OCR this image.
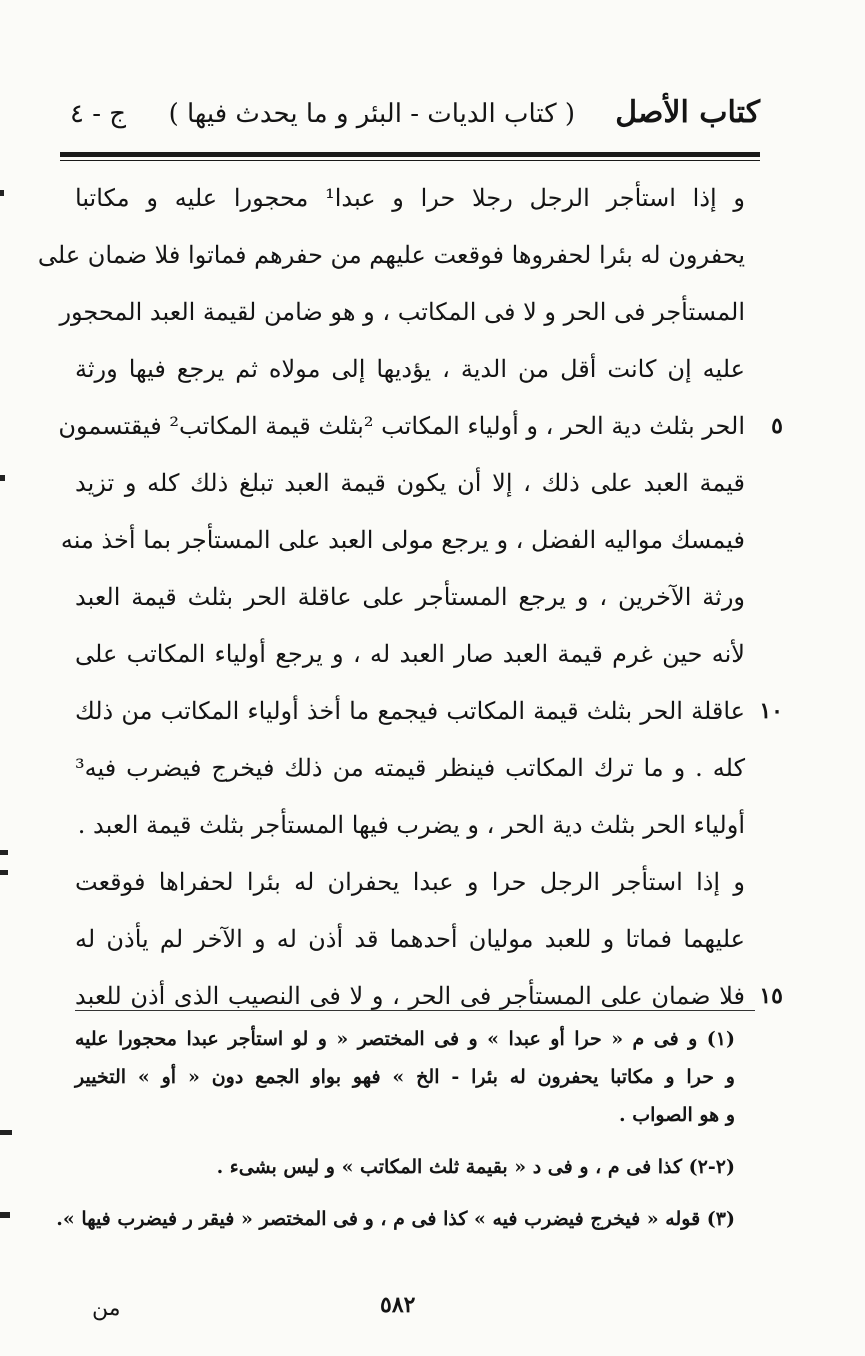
كتاب الأصل
( كتاب الديات - البئر و ما يحدث فيها )
ج - ٤
و إذا استأجر الرجل رجلا حرا و عبدا¹ محجورا عليه و مكاتبا
يحفرون له بئرا لحفروها فوقعت عليهم من حفرهم فماتوا فلا ضمان على
المستأجر فى الحر و لا فى المكاتب ، و هو ضامن لقيمة العبد المحجور
عليه إن كانت أقل من الدية ، يؤديها إلى مولاه ثم يرجع فيها ورثة
الحر بثلث دية الحر ، و أولياء المكاتب ²بثلث قيمة المكاتب² فيقتسمون ٥
قيمة العبد على ذلك ، إلا أن يكون قيمة العبد تبلغ ذلك كله و تزيد
فيمسك مواليه الفضل ، و يرجع مولى العبد على المستأجر بما أخذ منه
ورثة الآخرين ، و يرجع المستأجر على عاقلة الحر بثلث قيمة العبد
لأنه حين غرم قيمة العبد صار العبد له ، و يرجع أولياء المكاتب على
عاقلة الحر بثلث قيمة المكاتب فيجمع ما أخذ أولياء المكاتب من ذلك ١٠
كله . و ما ترك المكاتب فينظر قيمته من ذلك فيخرج فيضرب فيه³
أولياء الحر بثلث دية الحر ، و يضرب فيها المستأجر بثلث قيمة العبد .
و إذا استأجر الرجل حرا و عبدا يحفران له بئرا لحفراها فوقعت
عليهما فماتا و للعبد موليان أحدهما قد أذن له و الآخر لم يأذن له
فلا ضمان على المستأجر فى الحر ، و لا فى النصيب الذى أذن للعبد ١٥
(١) و فى م « حرا أو عبدا » و فى المختصر « و لو استأجر عبدا محجورا عليه
و حرا و مكاتبا يحفرون له بئرا - الخ » فهو بواو الجمع دون « أو » التخيير
و هو الصواب .
(٢-٢) كذا فى م ، و فى د « بقيمة ثلث المكاتب » و ليس بشىء .
(٣) قوله « فيخرج فيضرب فيه » كذا فى م ، و فى المختصر « فيقر ر فيضرب فيها ».
٥٨٢
من
